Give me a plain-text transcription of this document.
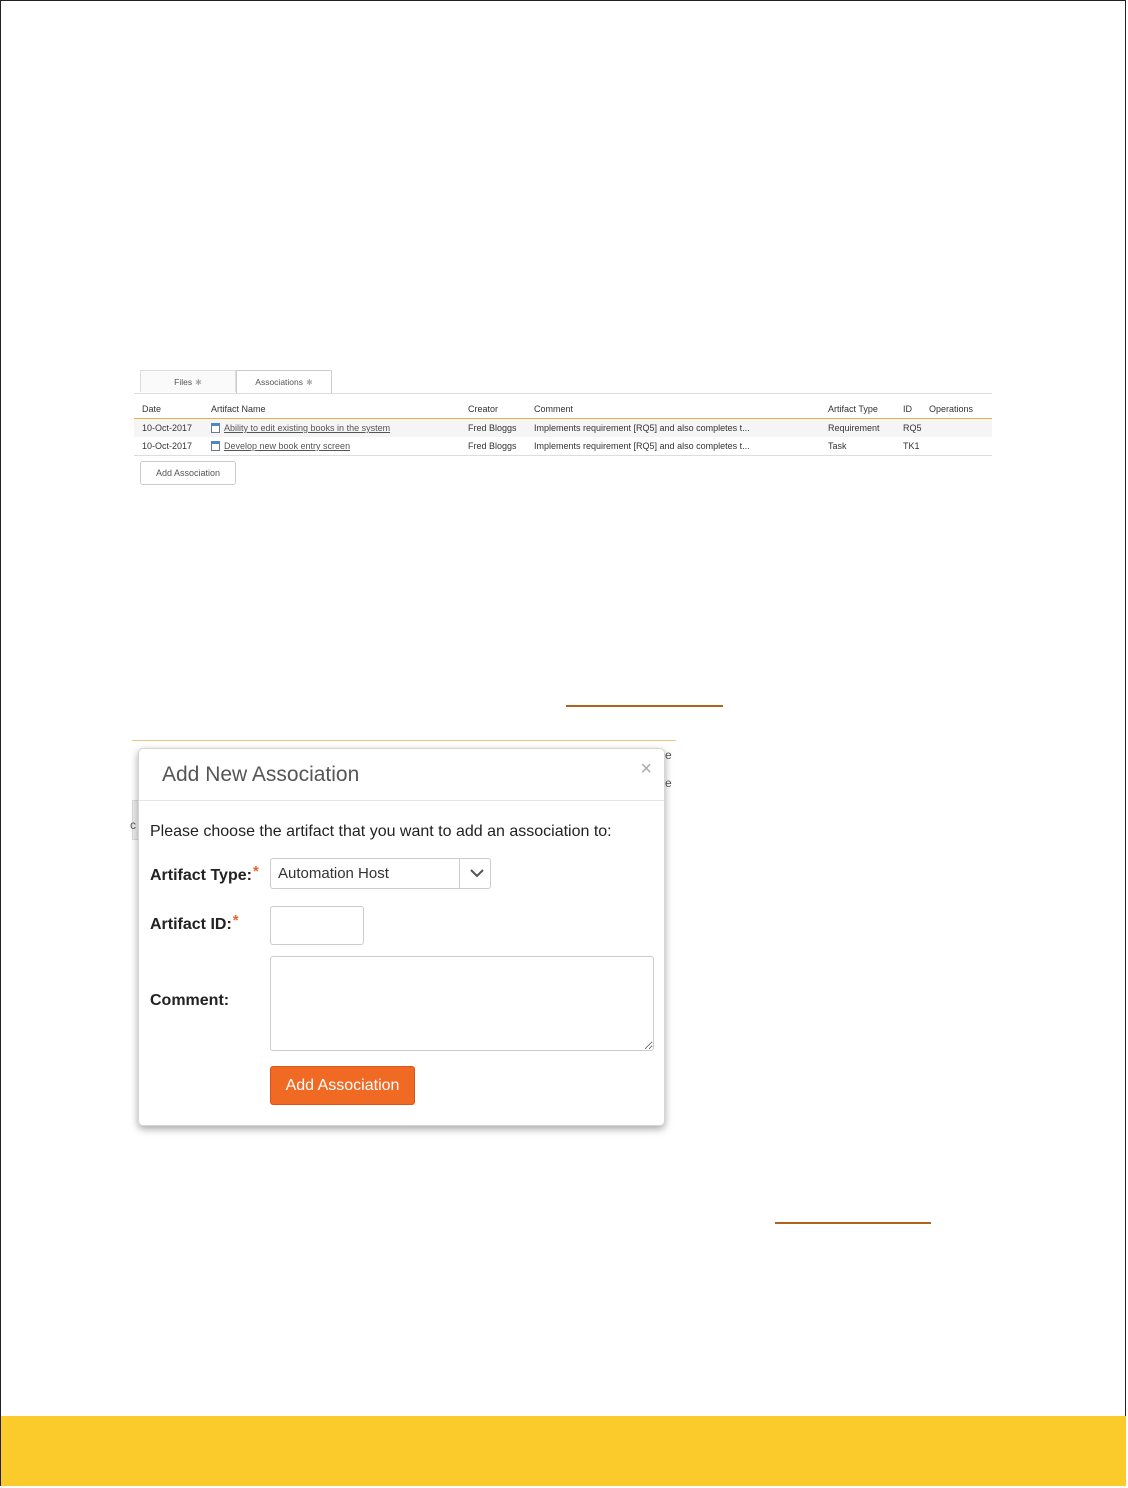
Files ✱	Associations ✱
Date	Artifact Name	Creator	Comment	Artifact Type	ID	Operations
10-Oct-2017	Ability to edit existing books in the system	Fred Bloggs	Implements requirement [RQ5] and also completes t...	Requirement	RQ5
10-Oct-2017	Develop new book entry screen	Fred Bloggs	Implements requirement [RQ5] and also completes t...	Task	TK1
Add Association
e
e
c
Add New Association	×
Please choose the artifact that you want to add an association to:
Artifact Type:* Automation Host
Artifact ID:*
Comment:
Add Association
